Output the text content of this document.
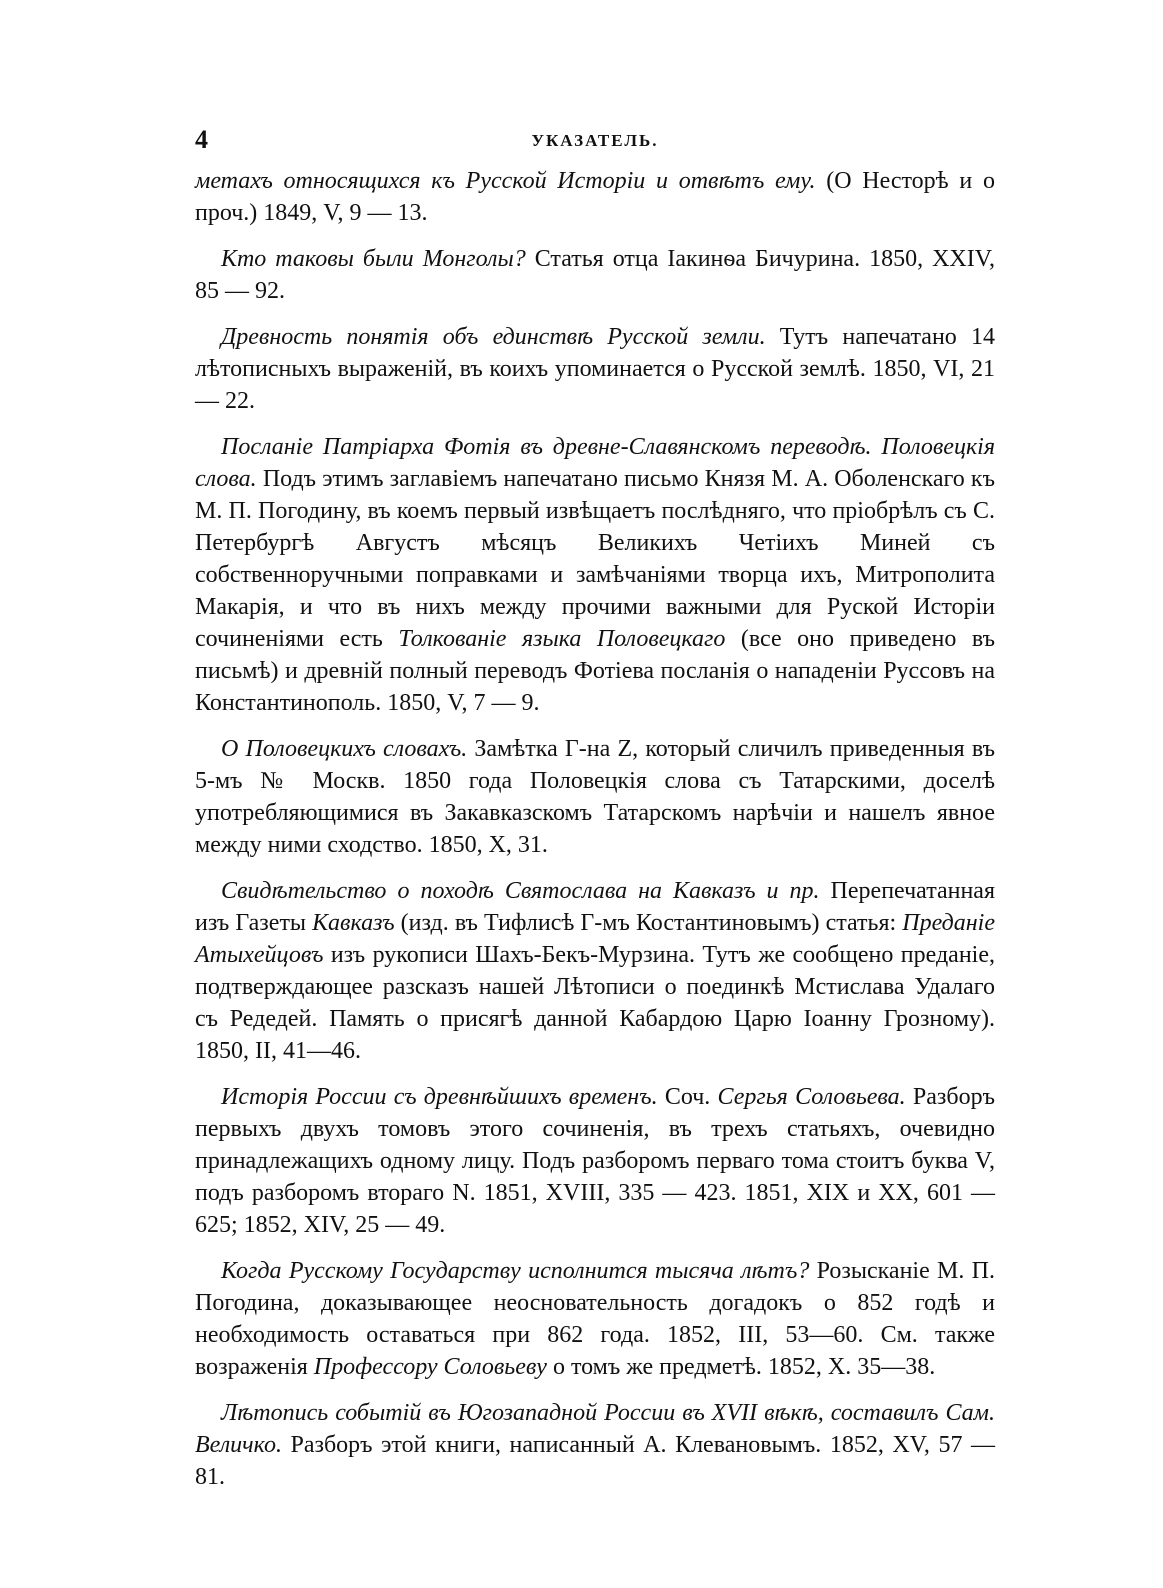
4	УКАЗАТЕЛЬ.

метахъ относящихся къ Русской Исторіи и отвѣтъ ему. (О Несторѣ и о проч.) 1849, V, 9 — 13.

Кто таковы были Монголы? Статья отца Іакинѳа Бичурина. 1850, XXIV, 85 — 92.

Древность понятія объ единствѣ Русской земли. Тутъ напечатано 14 лѣтописныхъ выраженій, въ коихъ упоминается о Русской землѣ. 1850, VI, 21 — 22.

Посланіе Патріарха Фотія въ древне-Славянскомъ переводѣ. Половецкія слова. Подъ этимъ заглавіемъ напечатано письмо Князя М. А. Оболенскаго къ М. П. Погодину, въ коемъ первый извѣщаетъ послѣдняго, что пріобрѣлъ съ С. Петербургѣ Августъ мѣсяцъ Великихъ Четіихъ Миней съ собственноручными поправками и замѣчаніями творца ихъ, Митрополита Макарія, и что въ нихъ между прочими важными для Руской Исторіи сочиненіями есть Толкованіе языка Половецкаго (все оно приведено въ письмѣ) и древній полный переводъ Фотіева посланія о нападеніи Руссовъ на Константинополь. 1850, V, 7 — 9.

О Половецкихъ словахъ. Замѣтка Г-на Z, который сличилъ приведенныя въ 5-мъ № Москв. 1850 года Половецкія слова съ Татарскими, доселѣ употребляющимися въ Закавказскомъ Татарскомъ нарѣчіи и нашелъ явное между ними сходство. 1850, X, 31.

Свидѣтельство о походѣ Святослава на Кавказъ и пр. Перепечатанная изъ Газеты Кавказъ (изд. въ Тифлисѣ Г-мъ Костантиновымъ) статья: Преданіе Атыхейцовъ изъ рукописи Шахъ-Бекъ-Мурзина. Тутъ же сообщено преданіе, подтверждающее разсказъ нашей Лѣтописи о поединкѣ Мстислава Удалаго съ Редедей. Память о присягѣ данной Кабардою Царю Іоанну Грозному). 1850, II, 41—46.

Исторія России съ древнѣйшихъ временъ. Соч. Сергья Соловьева. Разборъ первыхъ двухъ томовъ этого сочиненія, въ трехъ статьяхъ, очевидно принадлежащихъ одному лицу. Подъ разборомъ перваго тома стоитъ буква V, подъ разборомъ втораго N. 1851, XVIII, 335 — 423. 1851, XIX и XX, 601 — 625; 1852, XIV, 25 — 49.

Когда Русскому Государству исполнится тысяча лѣтъ? Розысканіе М. П. Погодина, доказывающее неосновательность догадокъ о 852 годѣ и необходимость оставаться при 862 года. 1852, III, 53—60. См. также возраженія Профессору Соловьеву о томъ же предметѣ. 1852, X. 35—38.

Лѣтопись событій въ Югозападной России въ XVII вѣкѣ, составилъ Сам. Величко. Разборъ этой книги, написанный А. Клевановымъ. 1852, XV, 57 — 81.
